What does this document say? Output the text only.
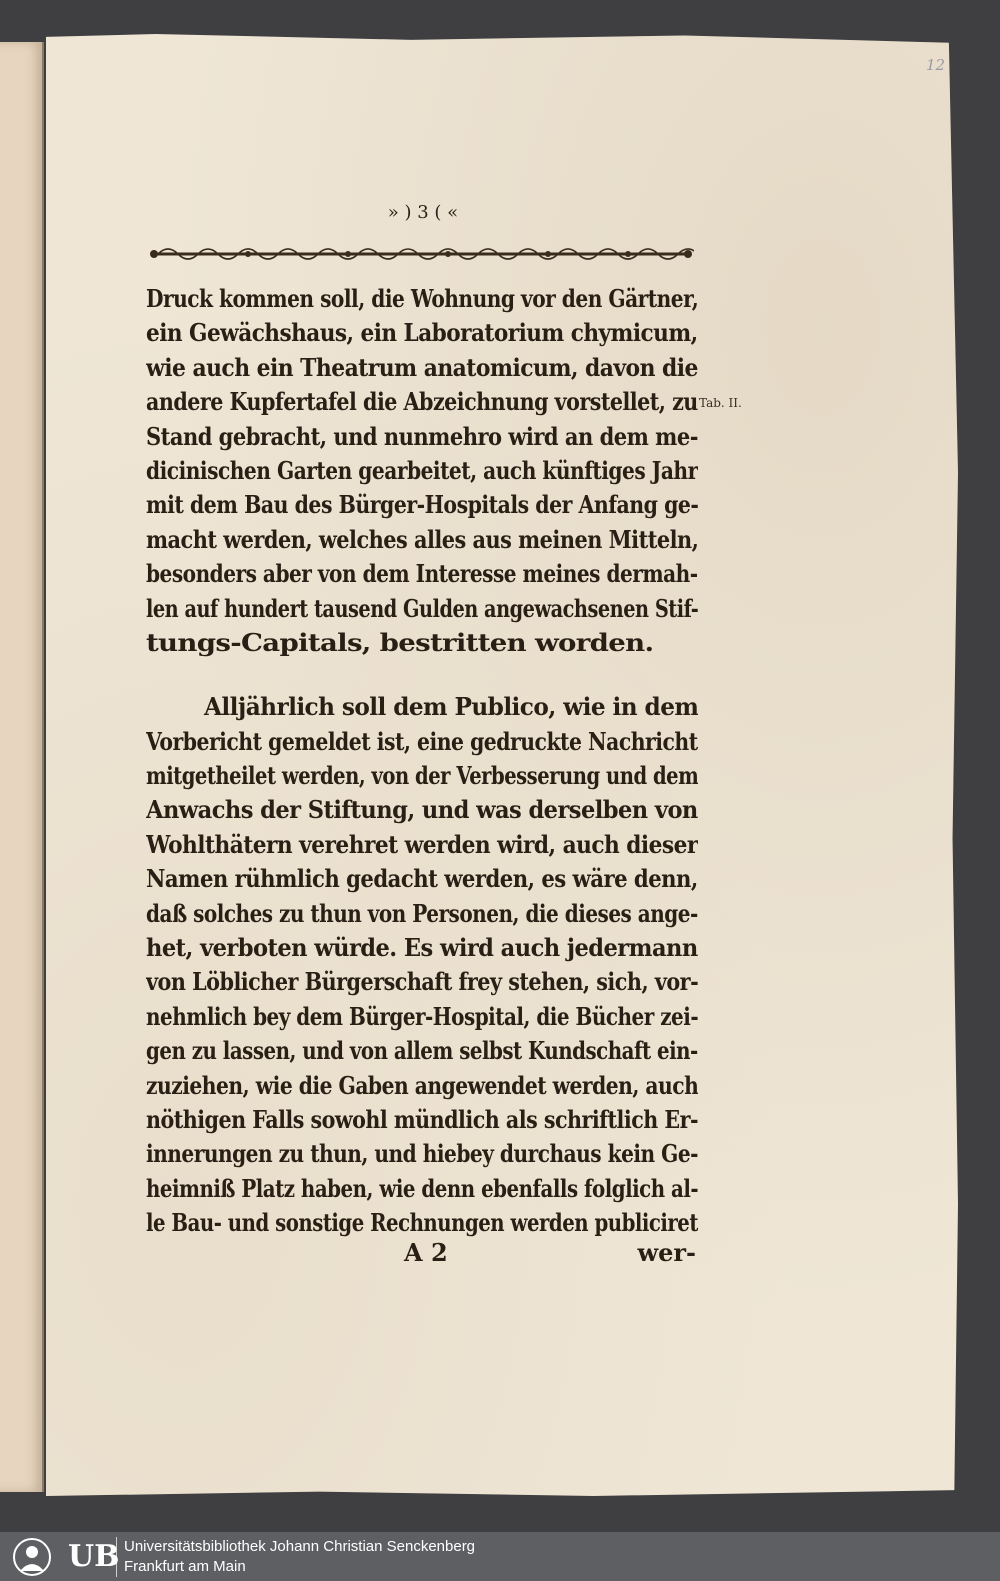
12
» ) 3 ( «
Tab. II.
Druck kommen soll, die Wohnung vor den Gärtner,
ein Gewächshaus, ein Laboratorium chymicum,
wie auch ein Theatrum anatomicum, davon die
andere Kupfertafel die Abzeichnung vorstellet, zu
Stand gebracht, und nunmehro wird an dem me-
dicinischen Garten gearbeitet, auch künftiges Jahr
mit dem Bau des Bürger-Hospitals der Anfang ge-
macht werden, welches alles aus meinen Mitteln,
besonders aber von dem Interesse meines dermah-
len auf hundert tausend Gulden angewachsenen Stif-
tungs-Capitals, bestritten worden.
Alljährlich soll dem Publico, wie in dem
Vorbericht gemeldet ist, eine gedruckte Nachricht
mitgetheilet werden, von der Verbesserung und dem
Anwachs der Stiftung, und was derselben von
Wohlthätern verehret werden wird, auch dieser
Namen rühmlich gedacht werden, es wäre denn,
daß solches zu thun von Personen, die dieses ange-
het, verboten würde. Es wird auch jedermann
von Löblicher Bürgerschaft frey stehen, sich, vor-
nehmlich bey dem Bürger-Hospital, die Bücher zei-
gen zu lassen, und von allem selbst Kundschaft ein-
zuziehen, wie die Gaben angewendet werden, auch
nöthigen Falls sowohl mündlich als schriftlich Er-
innerungen zu thun, und hiebey durchaus kein Ge-
heimniß Platz haben, wie denn ebenfalls folglich al-
le Bau- und sonstige Rechnungen werden publiciret
A 2	wer-
UB Universitätsbibliothek Johann Christian Senckenberg
Frankfurt am Main
